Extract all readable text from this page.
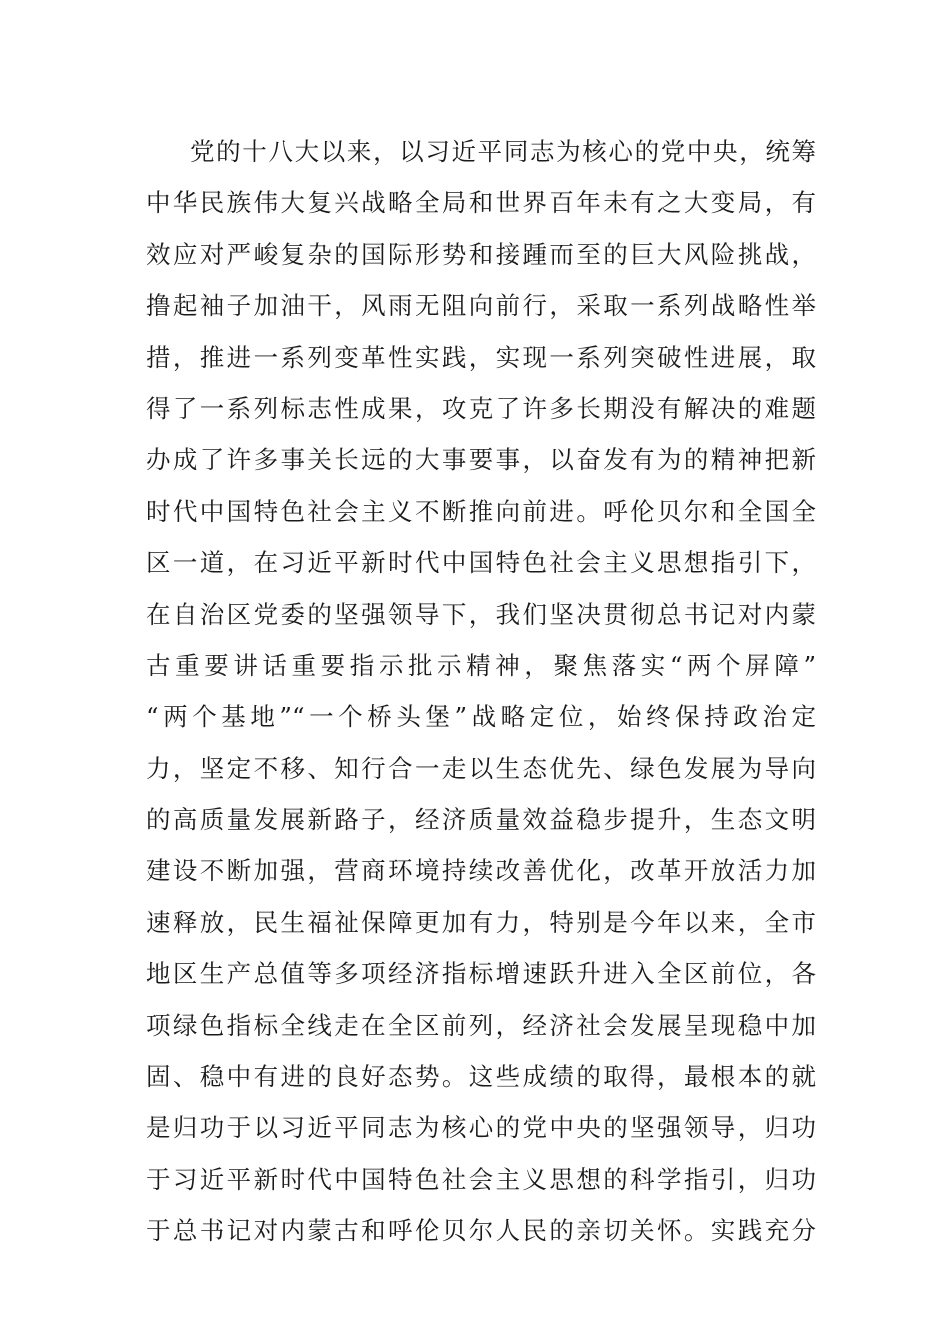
党的十八大以来，以习近平同志为核心的党中央，统筹
中华民族伟大复兴战略全局和世界百年未有之大变局，有
效应对严峻复杂的国际形势和接踵而至的巨大风险挑战，
撸起袖子加油干，风雨无阻向前行，采取一系列战略性举
措，推进一系列变革性实践，实现一系列突破性进展，取
得了一系列标志性成果，攻克了许多长期没有解决的难题
办成了许多事关长远的大事要事，以奋发有为的精神把新
时代中国特色社会主义不断推向前进。呼伦贝尔和全国全
区一道，在习近平新时代中国特色社会主义思想指引下，
在自治区党委的坚强领导下，我们坚决贯彻总书记对内蒙
古重要讲话重要指示批示精神，聚焦落实“两个屏障”
“两个基地”“一个桥头堡”战略定位，始终保持政治定
力，坚定不移、知行合一走以生态优先、绿色发展为导向
的高质量发展新路子，经济质量效益稳步提升，生态文明
建设不断加强，营商环境持续改善优化，改革开放活力加
速释放，民生福祉保障更加有力，特别是今年以来，全市
地区生产总值等多项经济指标增速跃升进入全区前位，各
项绿色指标全线走在全区前列，经济社会发展呈现稳中加
固、稳中有进的良好态势。这些成绩的取得，最根本的就
是归功于以习近平同志为核心的党中央的坚强领导，归功
于习近平新时代中国特色社会主义思想的科学指引，归功
于总书记对内蒙古和呼伦贝尔人民的亲切关怀。实践充分
